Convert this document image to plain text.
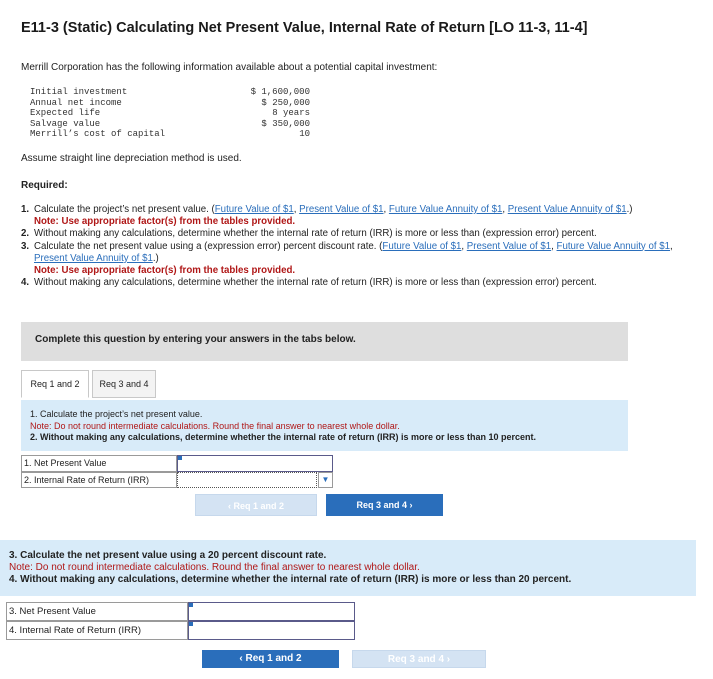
E11-3 (Static) Calculating Net Present Value, Internal Rate of Return [LO 11-3, 11-4]
Merrill Corporation has the following information available about a potential capital investment:
Initial investment	$ 1,600,000
Annual net income	$ 250,000
Expected life	8 years
Salvage value	$ 350,000
Merrill’s cost of capital	10
Assume straight line depreciation method is used.
Required:
1. Calculate the project’s net present value. (Future Value of $1, Present Value of $1, Future Value Annuity of $1, Present Value Annuity of $1.)
Note: Use appropriate factor(s) from the tables provided.
2. Without making any calculations, determine whether the internal rate of return (IRR) is more or less than (expression error) percent.
3. Calculate the net present value using a (expression error) percent discount rate. (Future Value of $1, Present Value of $1, Future Value Annuity of $1, Present Value Annuity of $1.)
Note: Use appropriate factor(s) from the tables provided.
4. Without making any calculations, determine whether the internal rate of return (IRR) is more or less than (expression error) percent.
Complete this question by entering your answers in the tabs below.
Req 1 and 2	Req 3 and 4
1. Calculate the project’s net present value.
Note: Do not round intermediate calculations. Round the final answer to nearest whole dollar.
2. Without making any calculations, determine whether the internal rate of return (IRR) is more or less than 10 percent.
1. Net Present Value
2. Internal Rate of Return (IRR)	▼
‹ Req 1 and 2	Req 3 and 4 ›
3. Calculate the net present value using a 20 percent discount rate.
Note: Do not round intermediate calculations. Round the final answer to nearest whole dollar.
4. Without making any calculations, determine whether the internal rate of return (IRR) is more or less than 20 percent.
3. Net Present Value
4. Internal Rate of Return (IRR)
‹ Req 1 and 2	Req 3 and 4 ›
